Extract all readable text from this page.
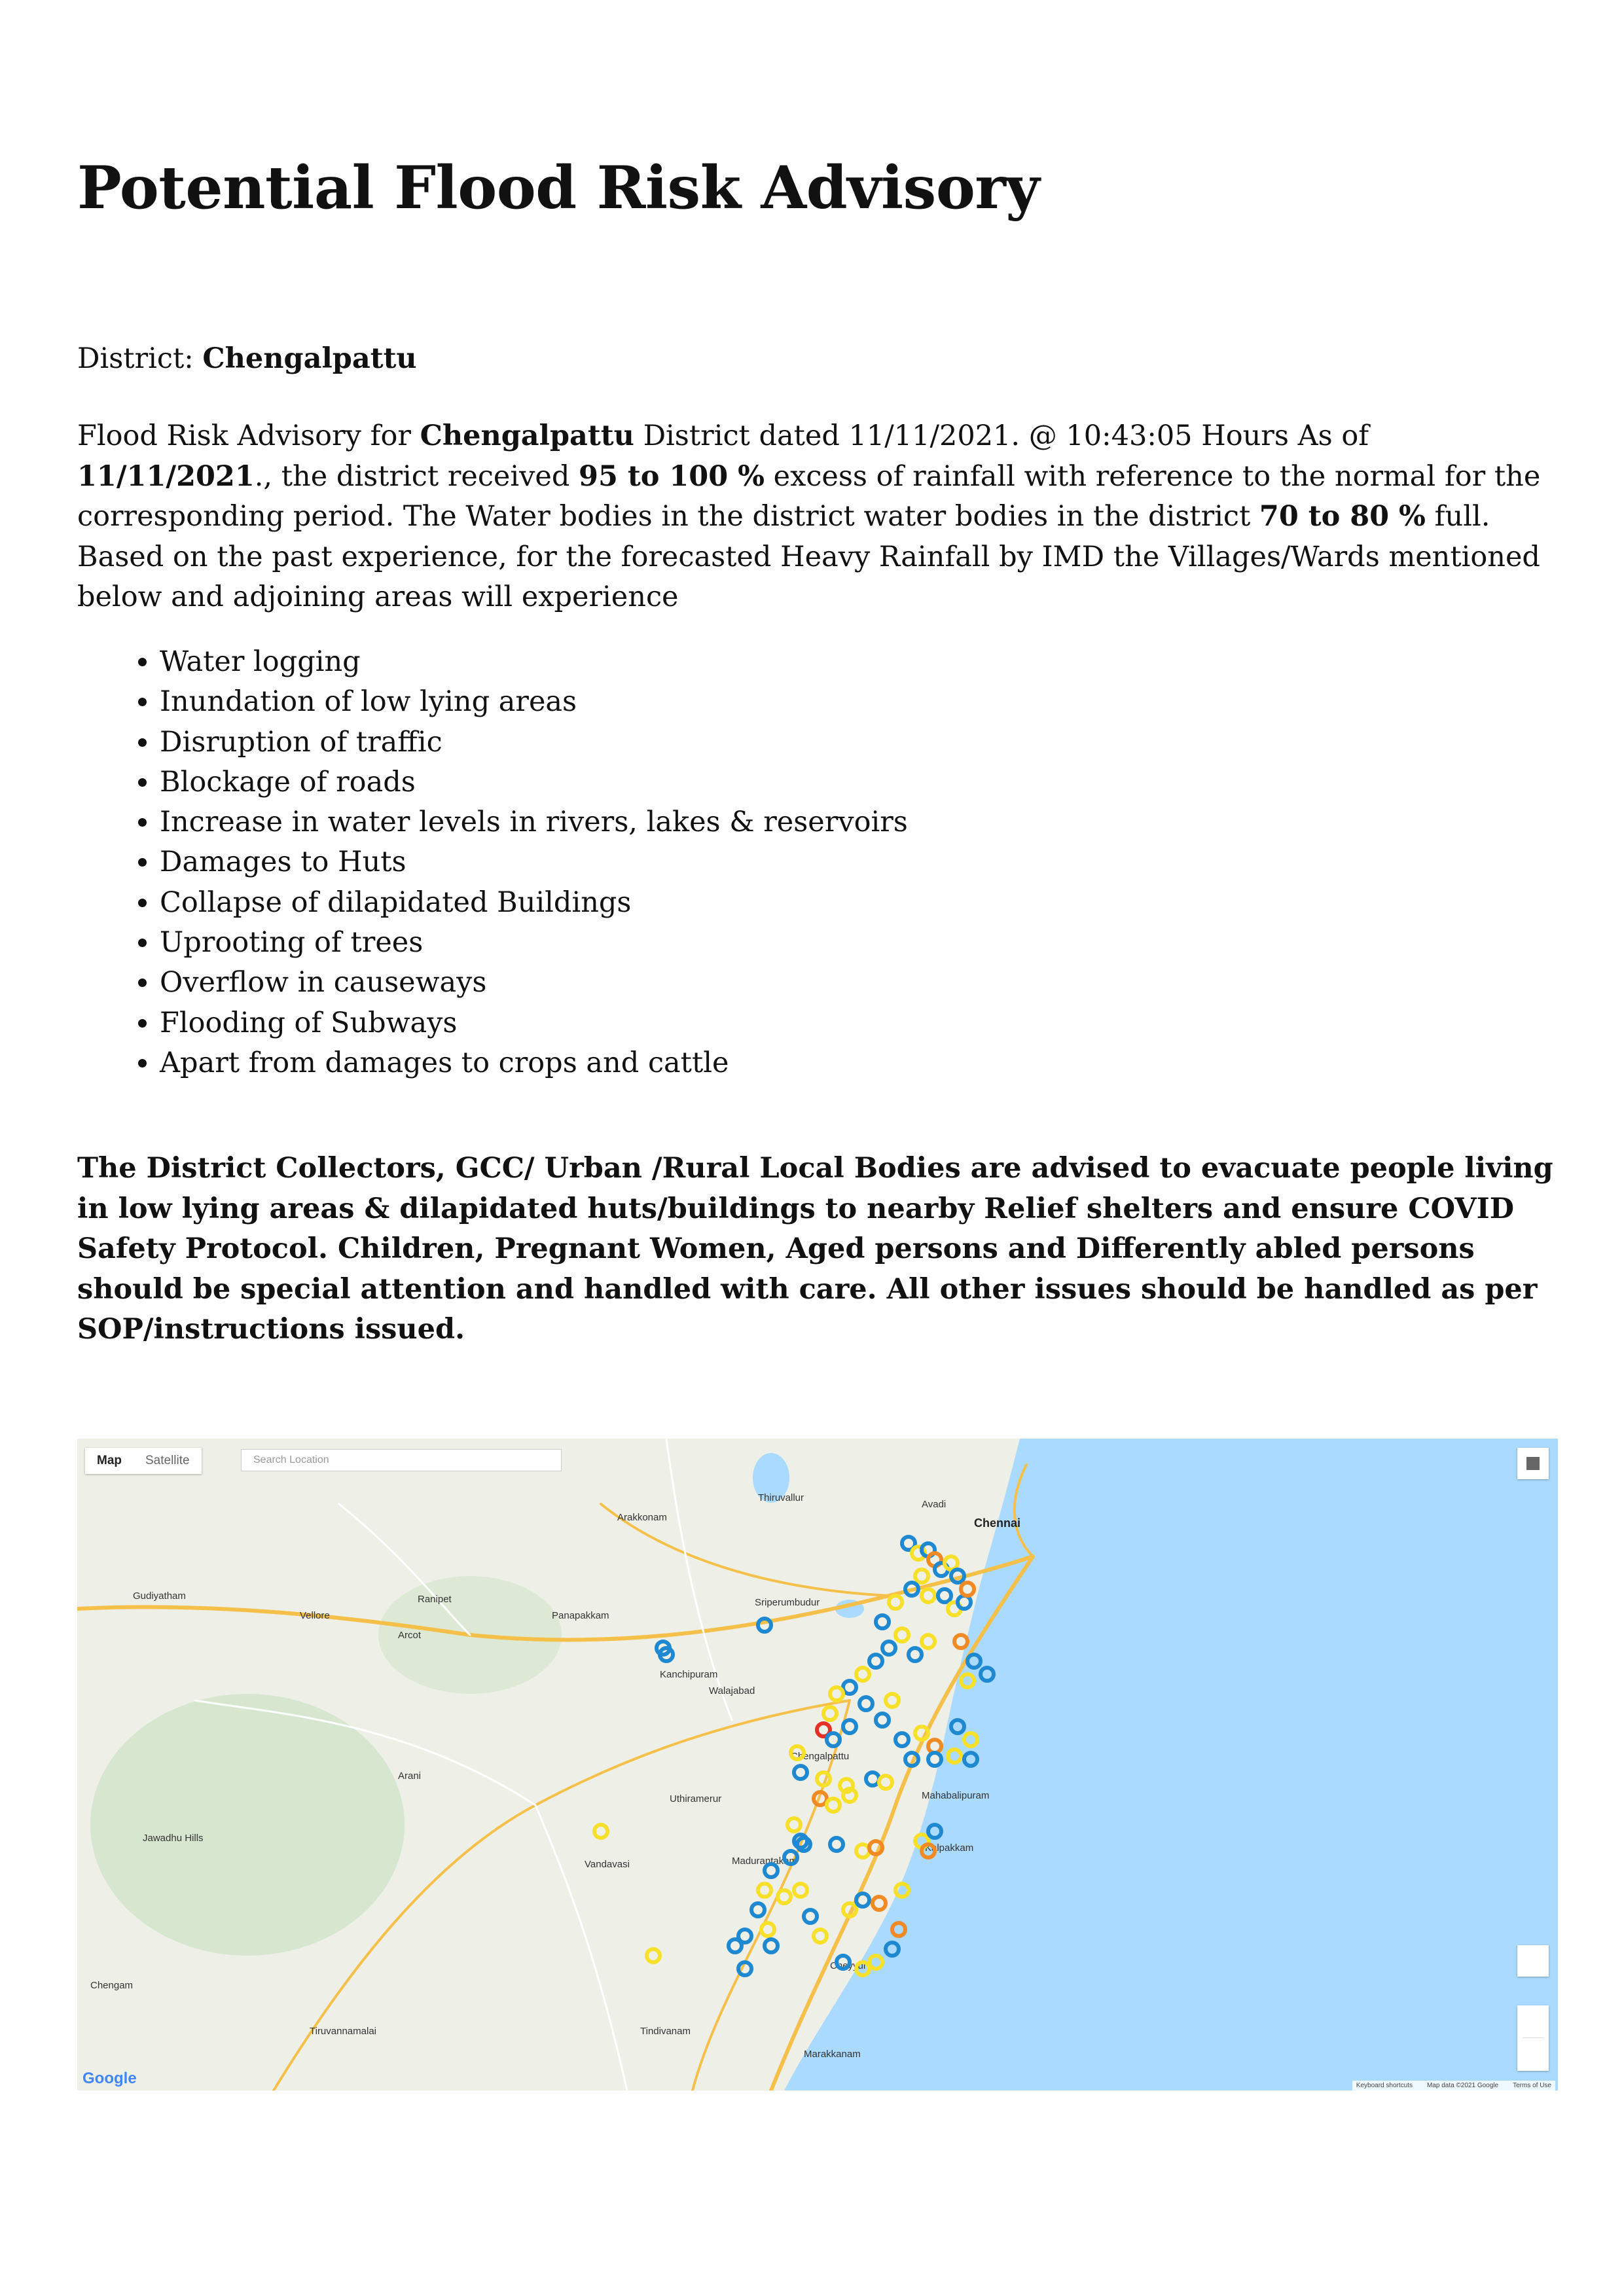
Potential Flood Risk Advisory
District: Chengalpattu

Flood Risk Advisory for Chengalpattu District dated 11/11/2021. @ 10:43:05 Hours As of 11/11/2021., the district received 95 to 100 % excess of rainfall with reference to the normal for the corresponding period. The Water bodies in the district water bodies in the district 70 to 80 % full. Based on the past experience, for the forecasted Heavy Rainfall by IMD the Villages/Wards mentioned below and adjoining areas will experience

• Water logging
• Inundation of low lying areas
• Disruption of traffic
• Blockage of roads
• Increase in water levels in rivers, lakes & reservoirs
• Damages to Huts
• Collapse of dilapidated Buildings
• Uprooting of trees
• Overflow in causeways
• Flooding of Subways
• Apart from damages to crops and cattle

The District Collectors, GCC/ Urban /Rural Local Bodies are advised to evacuate people living in low lying areas & dilapidated huts/buildings to nearby Relief shelters and ensure COVID Safety Protocol. Children, Pregnant Women, Aged persons and Differently abled persons should be special attention and handled with care. All other issues should be handled as per SOP/instructions issued.

Chennai
Avadi
Thiruvallur
Arakkonam
Sriperumbudur
Kanchipuram
Vellore
Gudiyatham
Arcot
Ranipet
Chengalpattu
Mahabalipuram
Madurantakam
Cheyyur
Arani
Chengam
Tiruvannamalai	Tindivanam
Marakkanam
Uthiramerur
Vandavasi
Kalpakkam
Walajabad
Panapakkam
Jawadhu Hills
Map	Satellite	Search Location
Google	Keyboard shortcuts Map data ©2021 Google Terms of Use
